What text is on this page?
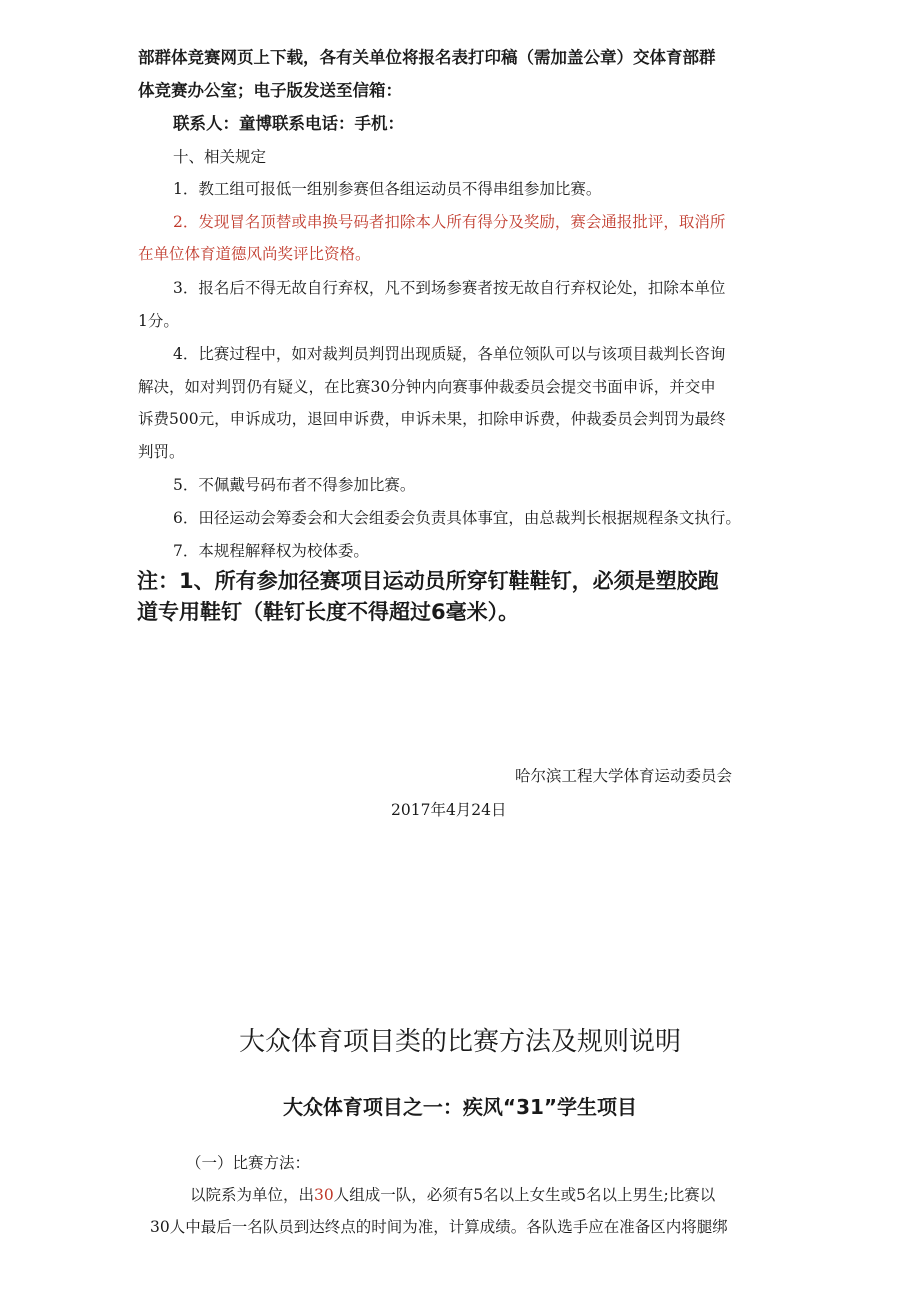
部群体竞赛网页上下载，各有关单位将报名表打印稿（需加盖公章）交体育部群
体竞赛办公室；电子版发送至信箱：
联系人：童博联系电话：手机：
十、相关规定
1．教工组可报低一组别参赛但各组运动员不得串组参加比赛。
2．发现冒名顶替或串换号码者扣除本人所有得分及奖励，赛会通报批评，取消所
在单位体育道德风尚奖评比资格。
3．报名后不得无故自行弃权，凡不到场参赛者按无故自行弃权论处，扣除本单位
1分。
4．比赛过程中，如对裁判员判罚出现质疑，各单位领队可以与该项目裁判长咨询
解决，如对判罚仍有疑义，在比赛30分钟内向赛事仲裁委员会提交书面申诉，并交申
诉费500元，申诉成功，退回申诉费，申诉未果，扣除申诉费，仲裁委员会判罚为最终
判罚。
5．不佩戴号码布者不得参加比赛。
6．田径运动会筹委会和大会组委会负责具体事宜，由总裁判长根据规程条文执行。
7．本规程解释权为校体委。
注：1、所有参加径赛项目运动员所穿钉鞋鞋钉，必须是塑胶跑
道专用鞋钉（鞋钉长度不得超过6毫米）。
哈尔滨工程大学体育运动委员会
2017年4月24日
大众体育项目类的比赛方法及规则说明
大众体育项目之一：疾风“31”学生项目
（一）比赛方法：
以院系为单位，出30人组成一队，必须有5名以上女生或5名以上男生;比赛以
30人中最后一名队员到达终点的时间为准，计算成绩。各队选手应在准备区内将腿绑
